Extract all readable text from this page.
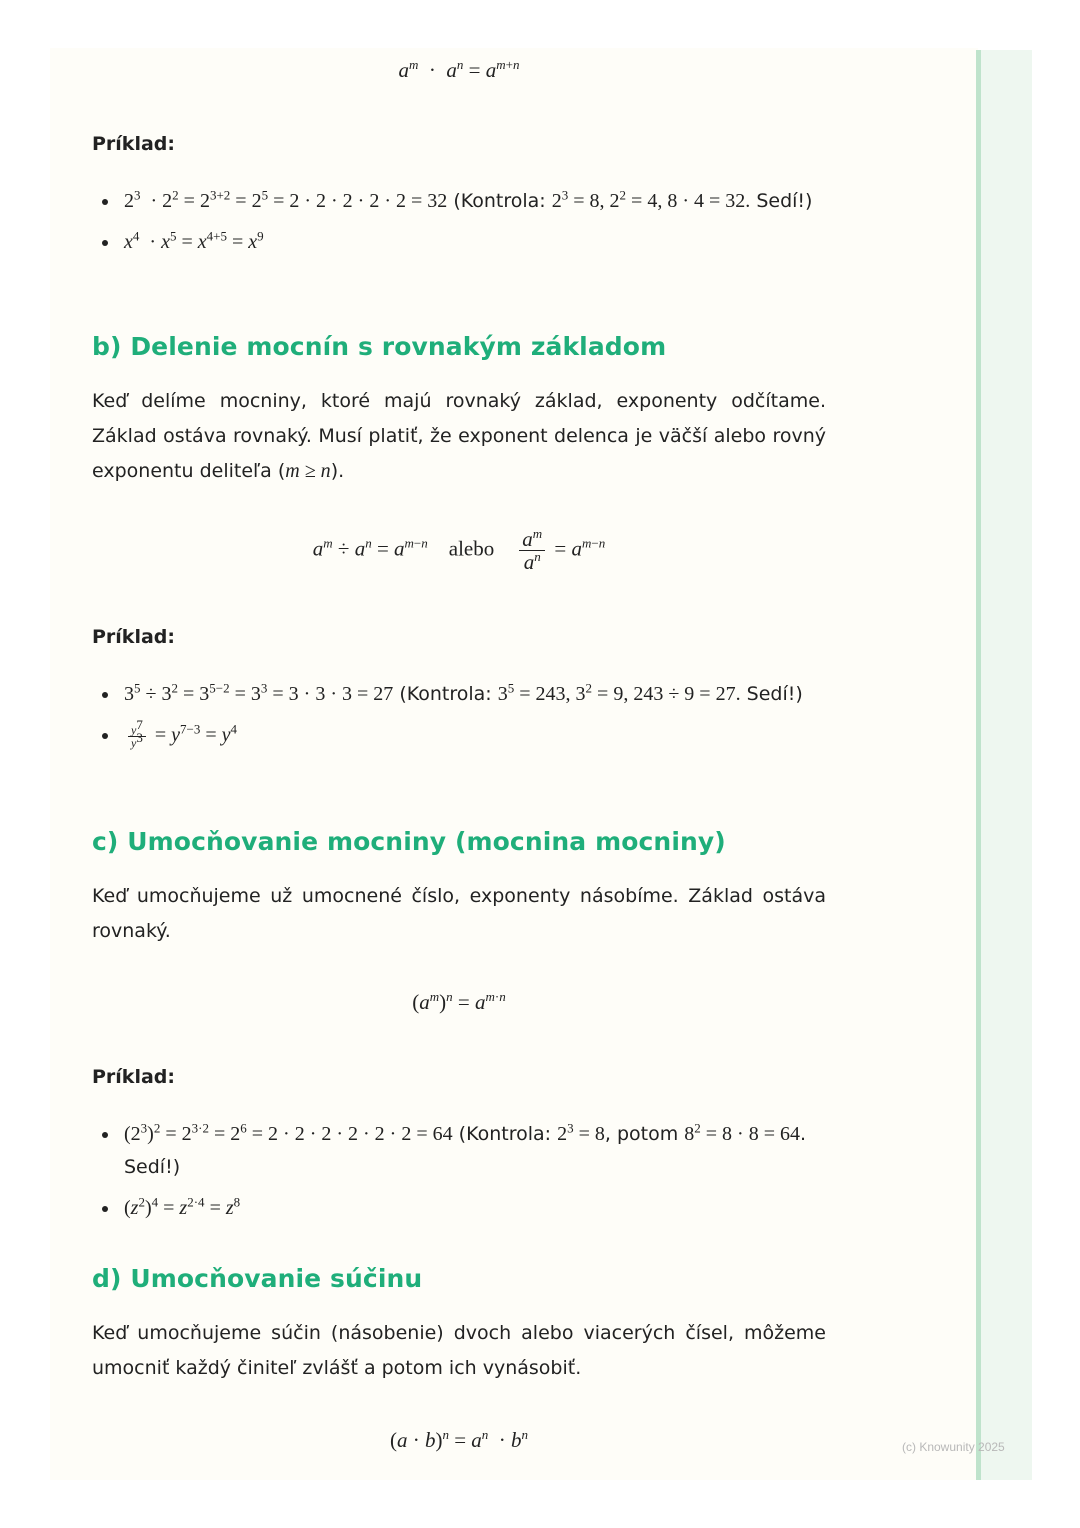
$a^m \cdot a^n = a^{m+n}$
Príklad:
$2^3 \cdot 2^2 = 2^{3+2} = 2^5 = 2 \cdot 2 \cdot 2 \cdot 2 \cdot 2 = 32$ (Kontrola: $2^3 = 8$, $2^2 = 4$, 8 · 4 = 32. Sedí!)
$x^4 \cdot x^5 = x^{4+5} = x^9$
b) Delenie mocnín s rovnakým základom
Keď delíme mocniny, ktoré majú rovnaký základ, exponenty odčítame. Základ ostáva rovnaký. Musí platiť, že exponent delenca je väčší alebo rovný exponentu deliteľa (m ≥ n).
$a^m \div a^n = a^{m-n}$ alebo $\frac{a^m}{a^n} = a^{m-n}$
Príklad:
$3^5 \div 3^2 = 3^{5-2} = 3^3 = 3 \cdot 3 \cdot 3 = 27$ (Kontrola: $3^5 = 243$, $3^2 = 9$, 243 ÷ 9 = 27. Sedí!)
$\frac{y^7}{y^3} = y^{7-3} = y^4$
c) Umocňovanie mocniny (mocnina mocniny)
Keď umocňujeme už umocnené číslo, exponenty násobíme. Základ ostáva rovnaký.
$(a^m)^n = a^{m\cdot n}$
Príklad:
$(2^3)^2 = 2^{3\cdot 2} = 2^6 = 2 \cdot 2 \cdot 2 \cdot 2 \cdot 2 \cdot 2 = 64$ (Kontrola: $2^3 = 8$, potom $8^2 = 8 \cdot 8 = 64$. Sedí!)
$(z^2)^4 = z^{2\cdot 4} = z^8$
d) Umocňovanie súčinu
Keď umocňujeme súčin (násobenie) dvoch alebo viacerých čísel, môžeme umocniť každý činiteľ zvlášť a potom ich vynásobiť.
$(a \cdot b)^n = a^n \cdot b^n$
(c) Knowunity 2025
